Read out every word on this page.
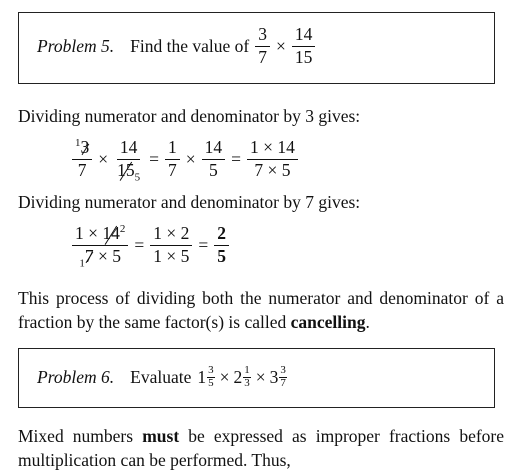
Problem 5. Find the value of $\frac{3}{7} \times \frac{14}{15}$
Dividing numerator and denominator by 3 gives:
$\frac{^13}{7} \times \frac{14}{15_5} = \frac{1}{7} \times \frac{14}{5} = \frac{1 \times 14}{7 \times 5}$
Dividing numerator and denominator by 7 gives:
$\frac{1 \times 14^2}{_17 \times 5} = \frac{1 \times 2}{1 \times 5} = \frac{2}{5}$
This process of dividing both the numerator and denominator of a fraction by the same factor(s) is called cancelling.
Problem 6. Evaluate $1 \frac{3}{5} \times 2 \frac{1}{3} \times 3 \frac{3}{7}$
Mixed numbers must be expressed as improper fractions before multiplication can be performed. Thus,
